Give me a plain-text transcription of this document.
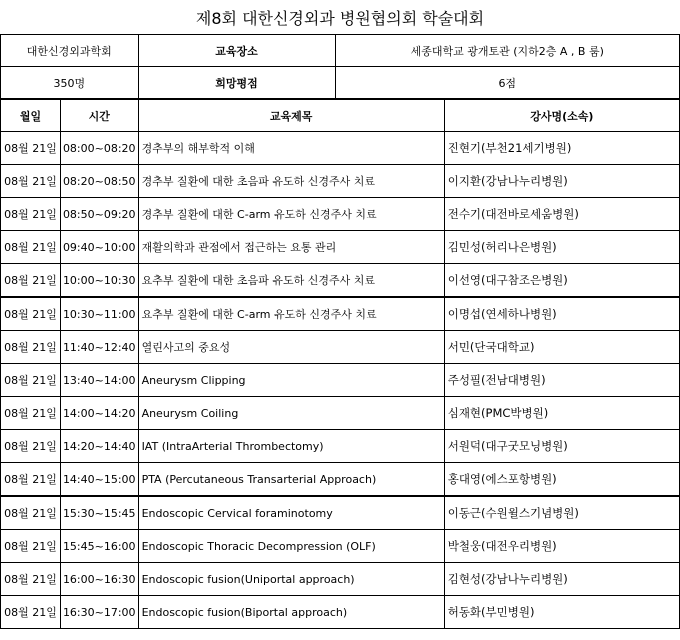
제8회 대한신경외과 병원협의회 학술대회
대한신경외과학회		교육장소	세종대학교 광개토관 (지하2층 A , B 룸)	
350명		희망평점	6점	
월일	시간	교육제목		강사명(소속)
08월 21일	08:00~08:20	경추부의 해부학적 이해		진현기(부천21세기병원)
08월 21일	08:20~08:50	경추부 질환에 대한 초음파 유도하 신경주사 치료		이지환(강남나누리병원)
08월 21일	08:50~09:20	경추부 질환에 대한 C-arm 유도하 신경주사 치료		전수기(대전바로세움병원)
08월 21일	09:40~10:00	재활의학과 관점에서 접근하는 요통 관리		김민성(허리나은병원)
08월 21일	10:00~10:30	요추부 질환에 대한 초음파 유도하 신경주사 치료		이선영(대구참조은병원)
08월 21일	10:30~11:00	요추부 질환에 대한 C-arm 유도하 신경주사 치료		이명섭(연세하나병원)
08월 21일	11:40~12:40	열린사고의 중요성		서민(단국대학교)
08월 21일	13:40~14:00	Aneurysm Clipping		주성필(전남대병원)
08월 21일	14:00~14:20	Aneurysm Coiling		심재현(PMC박병원)
08월 21일	14:20~14:40	IAT (IntraArterial Thrombectomy)		서원덕(대구굿모닝병원)
08월 21일	14:40~15:00	PTA (Percutaneous Transarterial Approach)		홍대영(에스포항병원)
08월 21일	15:30~15:45	Endoscopic Cervical foraminotomy		이동근(수원윌스기념병원)
08월 21일	15:45~16:00	Endoscopic Thoracic Decompression (OLF)		박철웅(대전우리병원)
08월 21일	16:00~16:30	Endoscopic fusion(Uniportal approach)		김현성(강남나누리병원)
08월 21일	16:30~17:00	Endoscopic fusion(Biportal approach)		허동화(부민병원)
